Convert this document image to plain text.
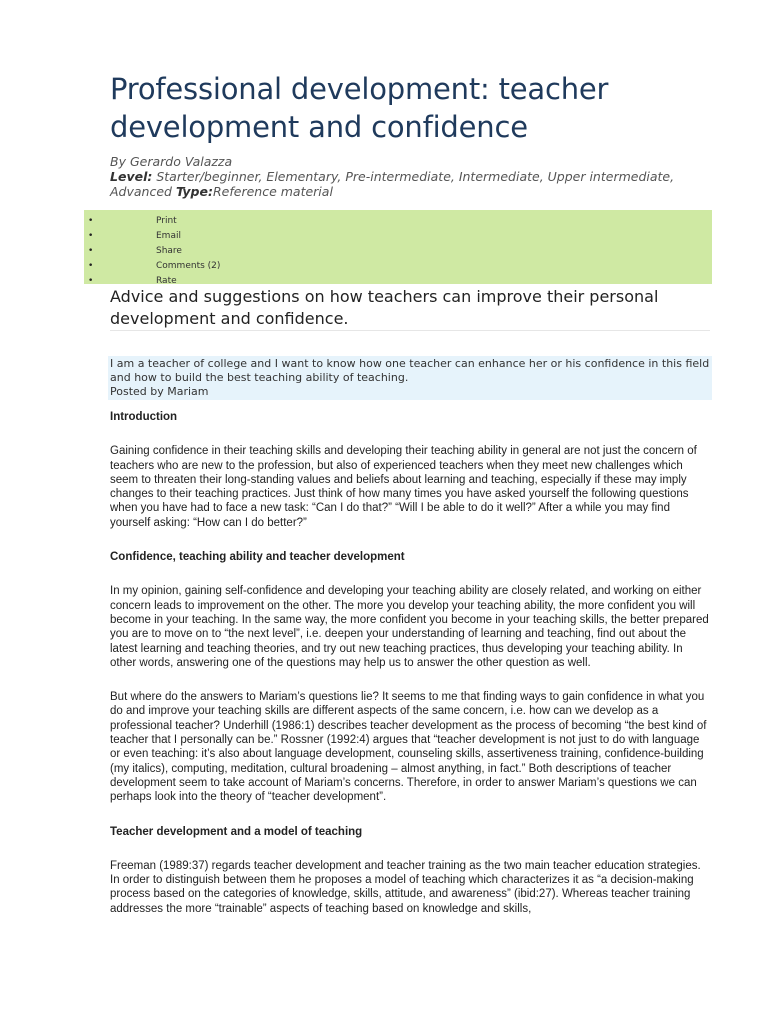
Professional development: teacher development and confidence
By Gerardo Valazza
Level: Starter/beginner, Elementary, Pre-intermediate, Intermediate, Upper intermediate, Advanced Type:Reference material
•	Print
•	Email
•	Share
•	Comments (2)
•	Rate
Advice and suggestions on how teachers can improve their personal development and confidence.
I am a teacher of college and I want to know how one teacher can enhance her or his confidence in this field and how to build the best teaching ability of teaching.
Posted by Mariam
Introduction

Gaining confidence in their teaching skills and developing their teaching ability in general are not just the concern of teachers who are new to the profession, but also of experienced teachers when they meet new challenges which seem to threaten their long-standing values and beliefs about learning and teaching, especially if these may imply changes to their teaching practices. Just think of how many times you have asked yourself the following questions when you have had to face a new task: “Can I do that?” “Will I be able to do it well?” After a while you may find yourself asking: “How can I do better?”

Confidence, teaching ability and teacher development

In my opinion, gaining self-confidence and developing your teaching ability are closely related, and working on either concern leads to improvement on the other. The more you develop your teaching ability, the more confident you will become in your teaching. In the same way, the more confident you become in your teaching skills, the better prepared you are to move on to “the next level”, i.e. deepen your understanding of learning and teaching, find out about the latest learning and teaching theories, and try out new teaching practices, thus developing your teaching ability. In other words, answering one of the questions may help us to answer the other question as well.

But where do the answers to Mariam’s questions lie? It seems to me that finding ways to gain confidence in what you do and improve your teaching skills are different aspects of the same concern, i.e. how can we develop as a professional teacher? Underhill (1986:1) describes teacher development as the process of becoming “the best kind of teacher that I personally can be.” Rossner (1992:4) argues that “teacher development is not just to do with language or even teaching: it’s also about language development, counseling skills, assertiveness training, confidence-building (my italics), computing, meditation, cultural broadening – almost anything, in fact.” Both descriptions of teacher development seem to take account of Mariam’s concerns. Therefore, in order to answer Mariam’s questions we can perhaps look into the theory of “teacher development”.

Teacher development and a model of teaching

Freeman (1989:37) regards teacher development and teacher training as the two main teacher education strategies. In order to distinguish between them he proposes a model of teaching which characterizes it as “a decision-making process based on the categories of knowledge, skills, attitude, and awareness” (ibid:27). Whereas teacher training addresses the more “trainable” aspects of teaching based on knowledge and skills,
